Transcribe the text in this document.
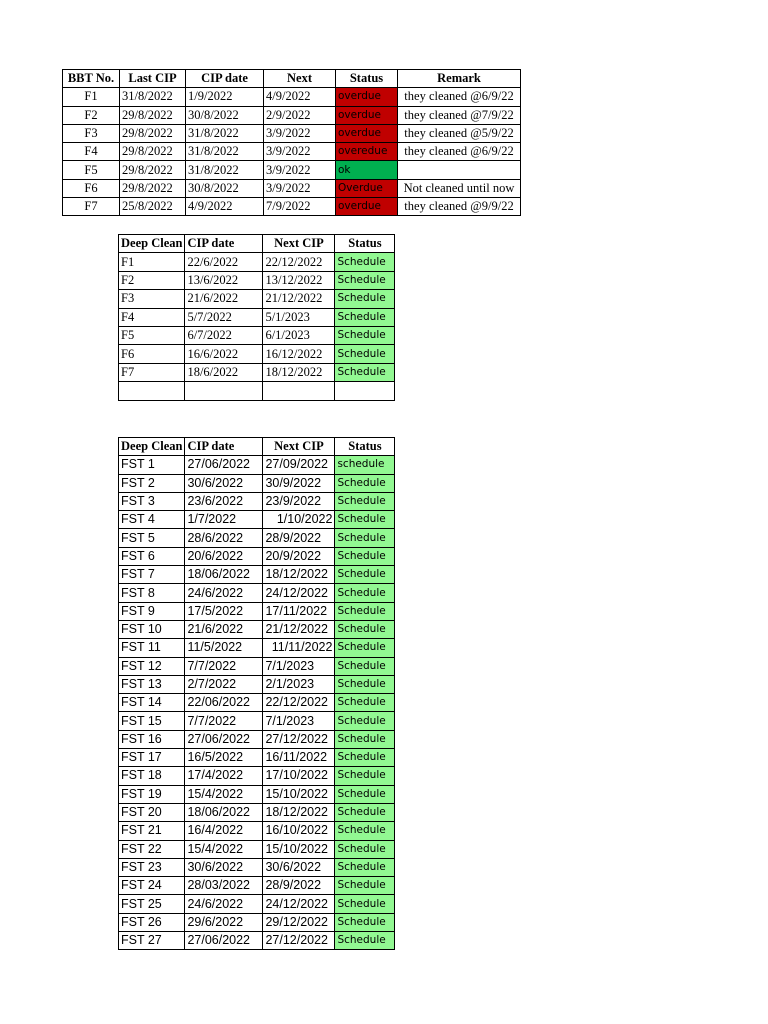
BBT No.	Last CIP	CIP date	Next	Status	Remark
F1	31/8/2022	1/9/2022	4/9/2022	overdue	they cleaned @6/9/22
F2	29/8/2022	30/8/2022	2/9/2022	overdue	they cleaned @7/9/22
F3	29/8/2022	31/8/2022	3/9/2022	overdue	they cleaned @5/9/22
F4	29/8/2022	31/8/2022	3/9/2022	overedue	they cleaned @6/9/22
F5	29/8/2022	31/8/2022	3/9/2022	ok	
F6	29/8/2022	30/8/2022	3/9/2022	Overdue	Not cleaned until now
F7	25/8/2022	4/9/2022	7/9/2022	overdue	they cleaned @9/9/22
Deep Clean	CIP date	Next CIP	Status
F1	22/6/2022	22/12/2022	Schedule
F2	13/6/2022	13/12/2022	Schedule
F3	21/6/2022	21/12/2022	Schedule
F4	5/7/2022	5/1/2023	Schedule
F5	6/7/2022	6/1/2023	Schedule
F6	16/6/2022	16/12/2022	Schedule
F7	18/6/2022	18/12/2022	Schedule

Deep Clean	CIP date	Next CIP	Status
FST 1	27/06/2022	27/09/2022	schedule
FST 2	30/6/2022	30/9/2022	Schedule
FST 3	23/6/2022	23/9/2022	Schedule
FST 4	1/7/2022	1/10/2022	Schedule
FST 5	28/6/2022	28/9/2022	Schedule
FST 6	20/6/2022	20/9/2022	Schedule
FST 7	18/06/2022	18/12/2022	Schedule
FST 8	24/6/2022	24/12/2022	Schedule
FST 9	17/5/2022	17/11/2022	Schedule
FST 10	21/6/2022	21/12/2022	Schedule
FST 11	11/5/2022	11/11/2022	Schedule
FST 12	7/7/2022	7/1/2023	Schedule
FST 13	2/7/2022	2/1/2023	Schedule
FST 14	22/06/2022	22/12/2022	Schedule
FST 15	7/7/2022	7/1/2023	Schedule
FST 16	27/06/2022	27/12/2022	Schedule
FST 17	16/5/2022	16/11/2022	Schedule
FST 18	17/4/2022	17/10/2022	Schedule
FST 19	15/4/2022	15/10/2022	Schedule
FST 20	18/06/2022	18/12/2022	Schedule
FST 21	16/4/2022	16/10/2022	Schedule
FST 22	15/4/2022	15/10/2022	Schedule
FST 23	30/6/2022	30/6/2022	Schedule
FST 24	28/03/2022	28/9/2022	Schedule
FST 25	24/6/2022	24/12/2022	Schedule
FST 26	29/6/2022	29/12/2022	Schedule
FST 27	27/06/2022	27/12/2022	Schedule
